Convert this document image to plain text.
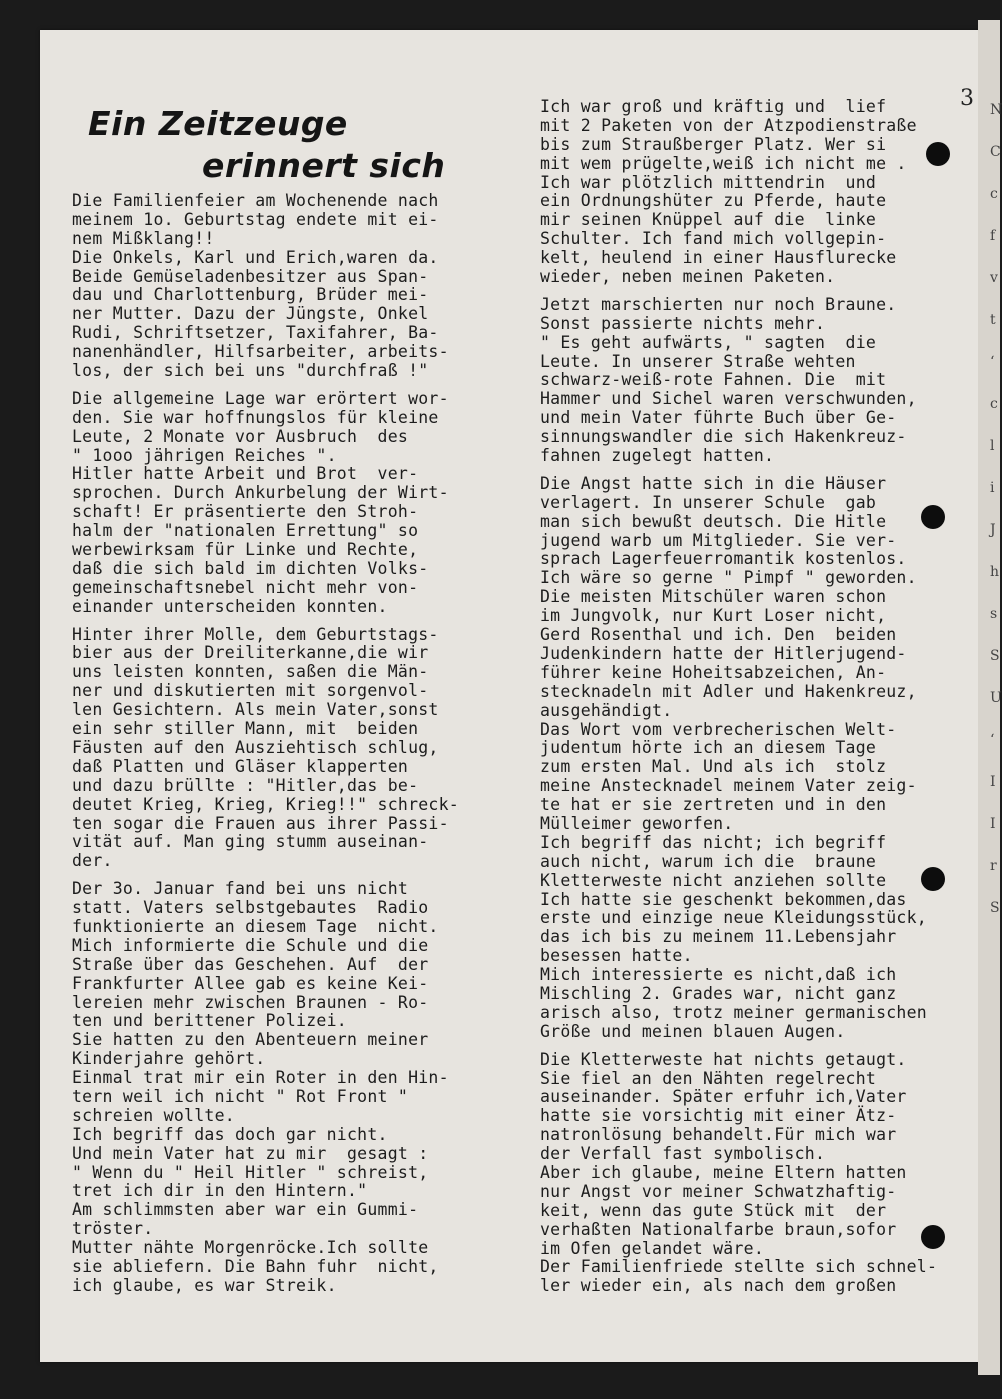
3 N
C
c
f
v
t
‘
c
l
i
J
h
s
S
U
‘
I
I
r
S
Ein Zeitzeuge
erinnert sich

Die Familienfeier am Wochenende nach

meinem 1o. Geburtstag endete mit ei-

nem Mißklang!!

Die Onkels, Karl und Erich,waren da.

Beide Gemüseladenbesitzer aus Span-

dau und Charlottenburg, Brüder mei-

ner Mutter. Dazu der Jüngste, Onkel

Rudi, Schriftsetzer, Taxifahrer, Ba-

nanenhändler, Hilfsarbeiter, arbeits-

los, der sich bei uns "durchfraß !"

Die allgemeine Lage war erörtert wor-

den. Sie war hoffnungslos für kleine

Leute, 2 Monate vor Ausbruch  des

" 1ooo jährigen Reiches ".

Hitler hatte Arbeit und Brot  ver-

sprochen. Durch Ankurbelung der Wirt-

schaft! Er präsentierte den Stroh-

halm der "nationalen Errettung" so

werbewirksam für Linke und Rechte,

daß die sich bald im dichten Volks-

gemeinschaftsnebel nicht mehr von-

einander unterscheiden konnten.

Hinter ihrer Molle, dem Geburtstags-

bier aus der Dreiliterkanne,die wir

uns leisten konnten, saßen die Män-

ner und diskutierten mit sorgenvol-

len Gesichtern. Als mein Vater,sonst

ein sehr stiller Mann, mit  beiden

Fäusten auf den Ausziehtisch schlug,

daß Platten und Gläser klapperten

und dazu brüllte : "Hitler,das be-

deutet Krieg, Krieg, Krieg!!" schreck-

ten sogar die Frauen aus ihrer Passi-

vität auf. Man ging stumm auseinan-

der.

Der 3o. Januar fand bei uns nicht

statt. Vaters selbstgebautes  Radio

funktionierte an diesem Tage  nicht.

Mich informierte die Schule und die

Straße über das Geschehen. Auf  der

Frankfurter Allee gab es keine Kei-

lereien mehr zwischen Braunen - Ro-

ten und berittener Polizei.

Sie hatten zu den Abenteuern meiner

Kinderjahre gehört.

Einmal trat mir ein Roter in den Hin-

tern weil ich nicht " Rot Front "

schreien wollte.

Ich begriff das doch gar nicht.

Und mein Vater hat zu mir  gesagt :

" Wenn du " Heil Hitler " schreist,

tret ich dir in den Hintern."

Am schlimmsten aber war ein Gummi-

tröster.

Mutter nähte Morgenröcke.Ich sollte

sie abliefern. Die Bahn fuhr  nicht,

ich glaube, es war Streik.

Ich war groß und kräftig und  lief

mit 2 Paketen von der Atzpodienstraße

bis zum Straußberger Platz. Wer si

mit wem prügelte,weiß ich nicht me .

Ich war plötzlich mittendrin  und

ein Ordnungshüter zu Pferde, haute

mir seinen Knüppel auf die  linke

Schulter. Ich fand mich vollgepin-

kelt, heulend in einer Hausflurecke

wieder, neben meinen Paketen.

Jetzt marschierten nur noch Braune.

Sonst passierte nichts mehr.

" Es geht aufwärts, " sagten  die

Leute. In unserer Straße wehten

schwarz-weiß-rote Fahnen. Die  mit

Hammer und Sichel waren verschwunden,

und mein Vater führte Buch über Ge-

sinnungswandler die sich Hakenkreuz-

fahnen zugelegt hatten.

Die Angst hatte sich in die Häuser

verlagert. In unserer Schule  gab

man sich bewußt deutsch. Die Hitle

jugend warb um Mitglieder. Sie ver-

sprach Lagerfeuerromantik kostenlos.

Ich wäre so gerne " Pimpf " geworden.

Die meisten Mitschüler waren schon

im Jungvolk, nur Kurt Loser nicht,

Gerd Rosenthal und ich. Den  beiden

Judenkindern hatte der Hitlerjugend-

führer keine Hoheitsabzeichen, An-

stecknadeln mit Adler und Hakenkreuz,

ausgehändigt.

Das Wort vom verbrecherischen Welt-

judentum hörte ich an diesem Tage

zum ersten Mal. Und als ich  stolz

meine Anstecknadel meinem Vater zeig-

te hat er sie zertreten und in den

Mülleimer geworfen.

Ich begriff das nicht; ich begriff

auch nicht, warum ich die  braune

Kletterweste nicht anziehen sollte

Ich hatte sie geschenkt bekommen,das

erste und einzige neue Kleidungsstück,

das ich bis zu meinem 11.Lebensjahr

besessen hatte.

Mich interessierte es nicht,daß ich

Mischling 2. Grades war, nicht ganz

arisch also, trotz meiner germanischen

Größe und meinen blauen Augen.

Die Kletterweste hat nichts getaugt.

Sie fiel an den Nähten regelrecht

auseinander. Später erfuhr ich,Vater

hatte sie vorsichtig mit einer Ätz-

natronlösung behandelt.Für mich war

der Verfall fast symbolisch.

Aber ich glaube, meine Eltern hatten

nur Angst vor meiner Schwatzhaftig-

keit, wenn das gute Stück mit  der

verhaßten Nationalfarbe braun,sofor

im Ofen gelandet wäre.

Der Familienfriede stellte sich schnel-

ler wieder ein, als nach dem großen
